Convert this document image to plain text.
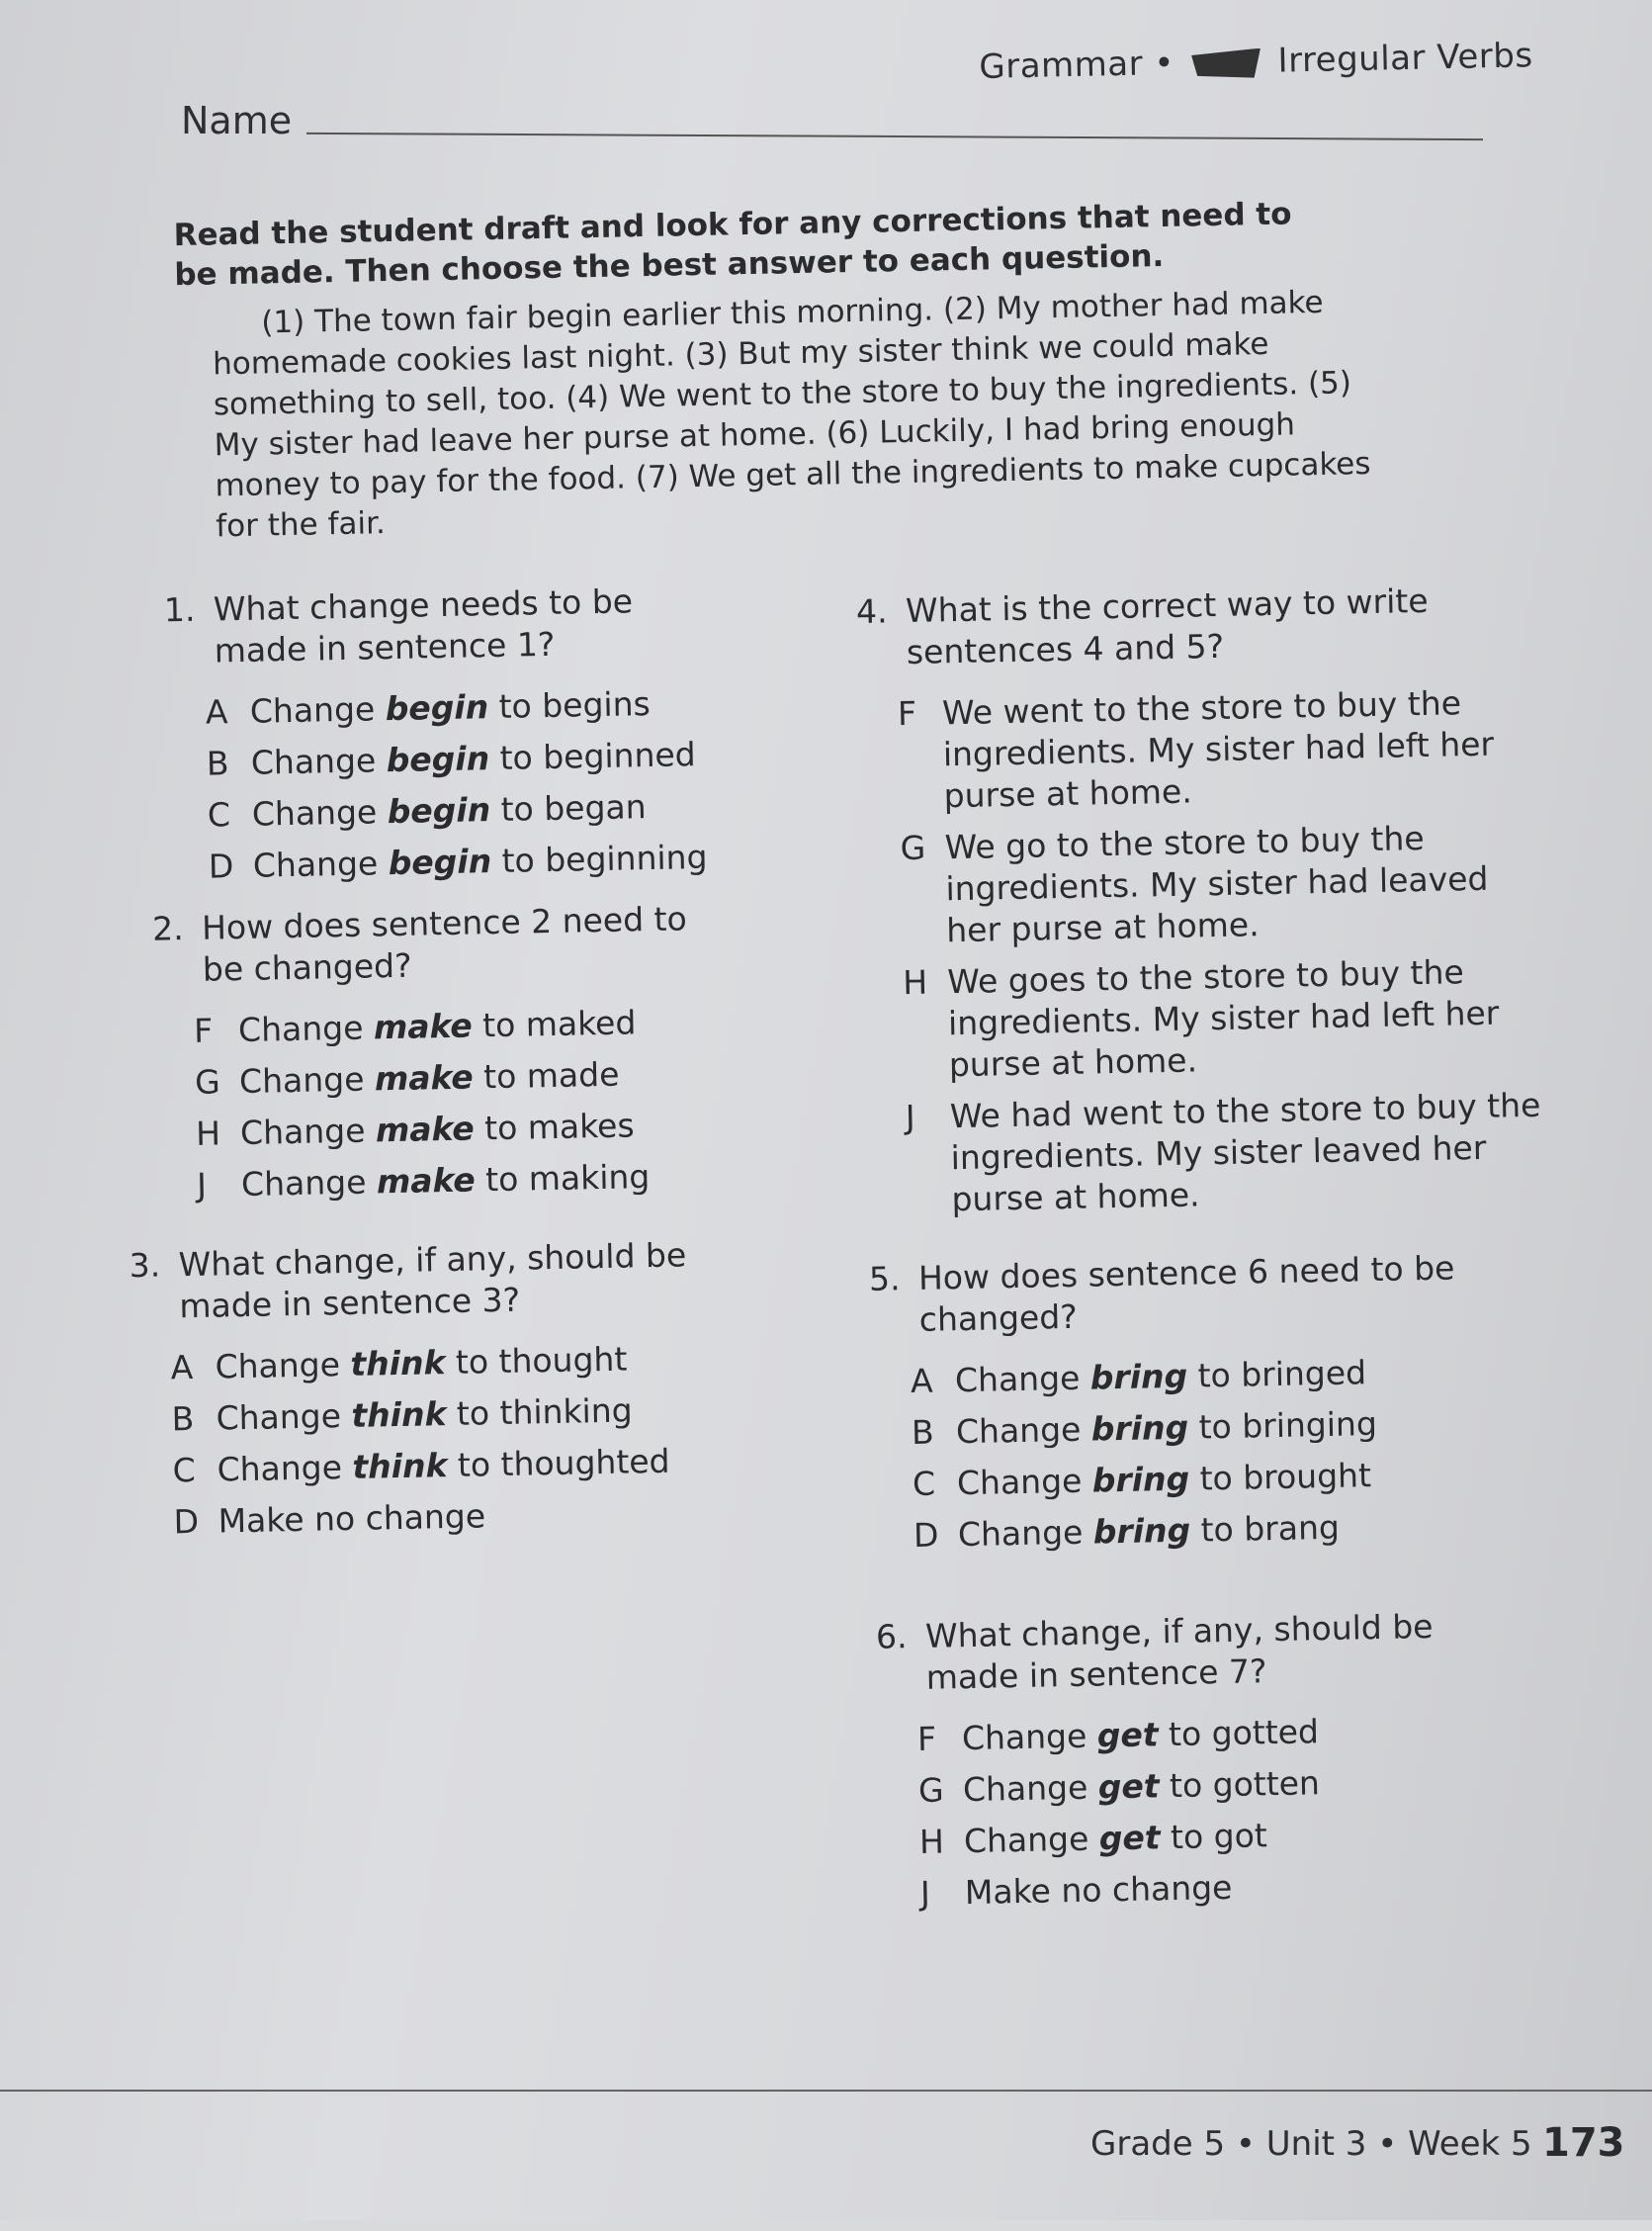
Grammar •	Irregular Verbs
Name
Read the student draft and look for any corrections that need to be made. Then choose the best answer to each question.
(1) The town fair begin earlier this morning. (2) My mother had make homemade cookies last night. (3) But my sister think we could make something to sell, too. (4) We went to the store to buy the ingredients. (5) My sister had leave her purse at home. (6) Luckily, I had bring enough money to pay for the food. (7) We get all the ingredients to make cupcakes for the fair.
1. What change needs to be made in sentence 1?
A Change begin to begins
B Change begin to beginned
C Change begin to began
D Change begin to beginning
2. How does sentence 2 need to be changed?
F Change make to maked
G Change make to made
H Change make to makes
J Change make to making
3. What change, if any, should be made in sentence 3?
A Change think to thought
B Change think to thinking
C Change think to thoughted
D Make no change
4. What is the correct way to write sentences 4 and 5?
F We went to the store to buy the ingredients. My sister had left her purse at home.
G We go to the store to buy the ingredients. My sister had leaved her purse at home.
H We goes to the store to buy the ingredients. My sister had left her purse at home.
J We had went to the store to buy the ingredients. My sister leaved her purse at home.
5. How does sentence 6 need to be changed?
A Change bring to bringed
B Change bring to bringing
C Change bring to brought
D Change bring to brang
6. What change, if any, should be made in sentence 7?
F Change get to gotted
G Change get to gotten
H Change get to got
J Make no change
Grade 5 • Unit 3 • Week 5 173
